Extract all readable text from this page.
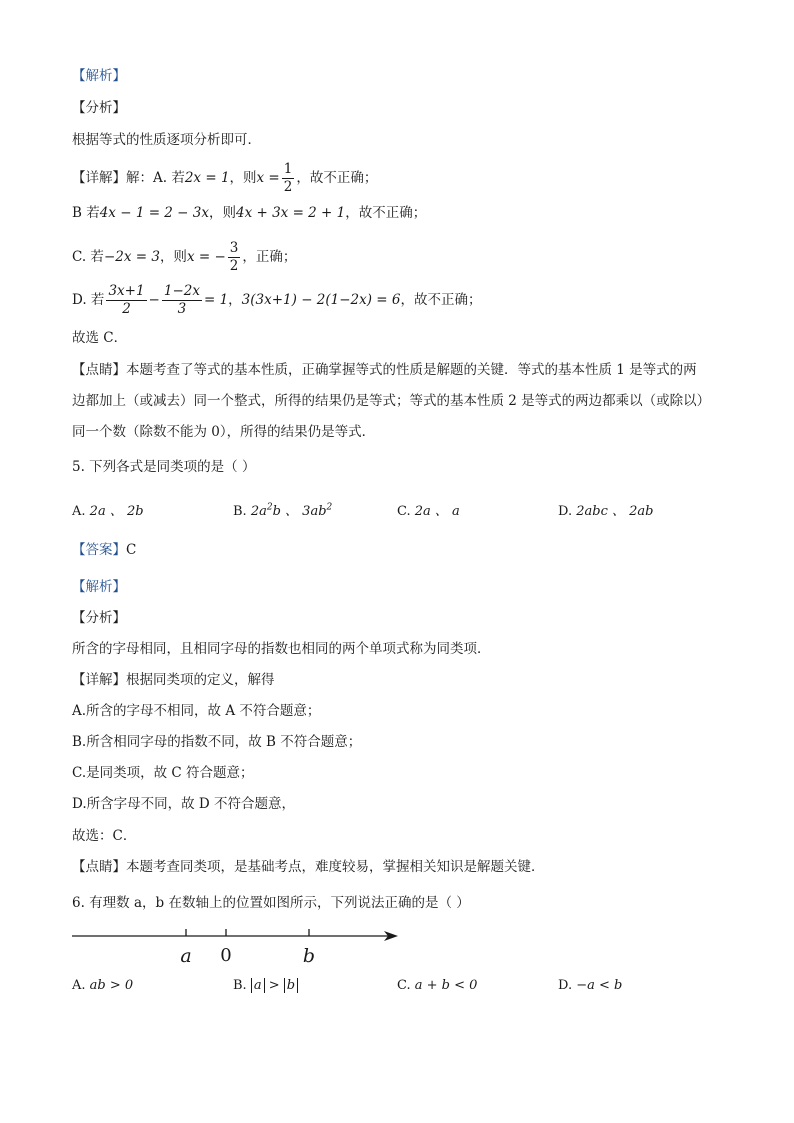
【解析】
【分析】
根据等式的性质逐项分析即可．
【详解】解：A. 若2x = 1，则$x = \frac{1}{2}$ ，故不正确；
B 若4x − 1 = 2 − 3x，则4x + 3x = 2 + 1，故不正确；
C. 若−2x = 3，则x = − $\frac{3}{2}$ ，正确；
D. 若 $\frac{3x+1}{2} - \frac{1-2x}{3} = 1$，3(3x+1) − 2(1−2x) = 6，故不正确；
故选 C．
【点睛】本题考查了等式的基本性质，正确掌握等式的性质是解题的关键．等式的基本性质 1 是等式的两
边都加上（或减去）同一个整式，所得的结果仍是等式；等式的基本性质 2 是等式的两边都乘以（或除以）
同一个数（除数不能为 0），所得的结果仍是等式．
5. 下列各式是同类项的是（ ）
A. 2a 、 2b	B. $2a^2b$ 、 $3ab^2$	C. 2a 、 a	D. 2abc 、 2ab
【答案】C
【解析】
【分析】
所含的字母相同，且相同字母的指数也相同的两个单项式称为同类项．
【详解】根据同类项的定义，解得
A.所含的字母不相同，故 A 不符合题意；
B.所含相同字母的指数不同，故 B 不符合题意；
C.是同类项，故 C 符合题意；
D.所含字母不同，故 D 不符合题意，
故选：C．
【点睛】本题考查同类项，是基础考点，难度较易，掌握相关知识是解题关键．
6. 有理数 a，b 在数轴上的位置如图所示，下列说法正确的是（ ）
a 0	b
A. ab > 0	B. a > b	C. a + b < 0	D. −a < b
